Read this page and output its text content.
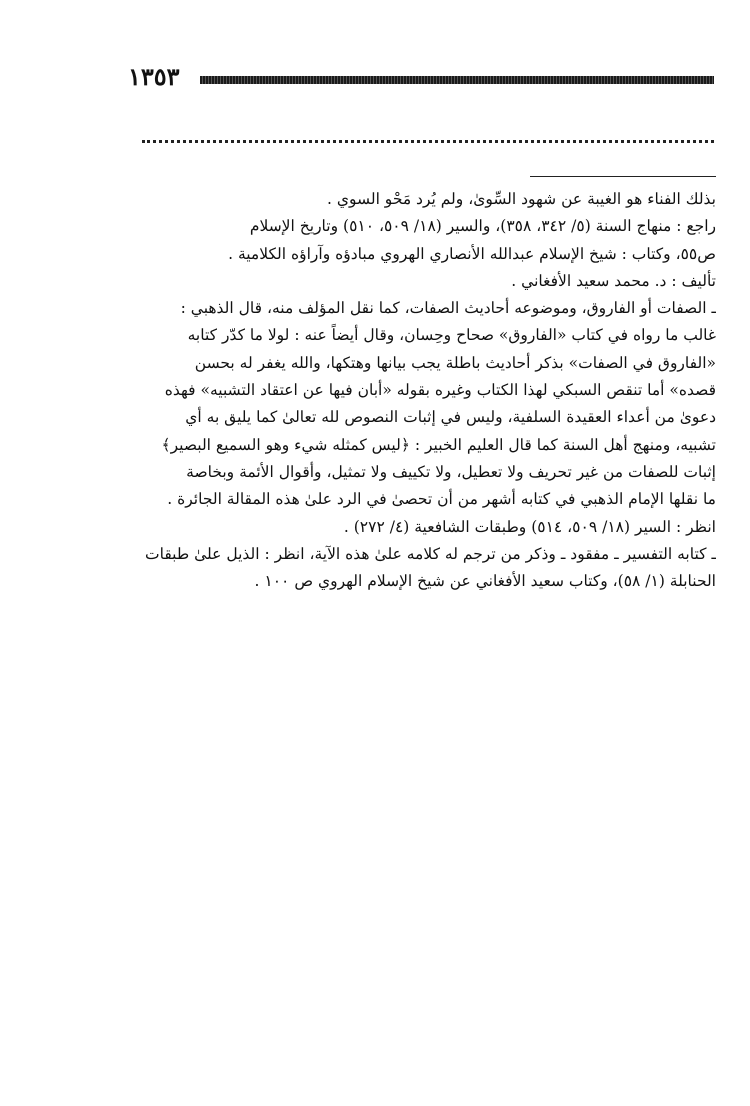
١٣٥٣
بذلك الفناء هو الغيبة عن شهود السِّوىٰ، ولم يُرد مَحْو السوي .
راجع : منهاج السنة (٥/ ٣٤٢، ٣٥٨)، والسير (١٨/ ٥٠٩، ٥١٠) وتاريخ الإسلام
ص٥٥، وكتاب : شيخ الإسلام عبدالله الأنصاري الهروي مبادؤه وآراؤه الكلامية .
تأليف : د. محمد سعيد الأفغاني .
ـ الصفات أو الفاروق، وموضوعه أحاديث الصفات، كما نقل المؤلف منه، قال الذهبي :
غالب ما رواه في كتاب «الفاروق» صحاح وحِسان، وقال أيضاً عنه : لولا ما كدّر كتابه
«الفاروق في الصفات» بذكر أحاديث باطلة يجب بيانها وهتكها، والله يغفر له بحسن
قصده» أما تنقص السبكي لهذا الكتاب وغيره بقوله «أبان فيها عن اعتقاد التشبيه» فهذه
دعوىٰ من أعداء العقيدة السلفية، وليس في إثبات النصوص لله تعالىٰ كما يليق به أي
تشبيه، ومنهج أهل السنة كما قال العليم الخبير : ﴿ليس كمثله شيء وهو السميع البصير﴾
إثبات للصفات من غير تحريف ولا تعطيل، ولا تكييف ولا تمثيل، وأقوال الأئمة وبخاصة
ما نقلها الإمام الذهبي في كتابه أشهر من أن تحصىٰ في الرد علىٰ هذه المقالة الجائرة .
انظر : السير (١٨/ ٥٠٩، ٥١٤) وطبقات الشافعية (٤/ ٢٧٢) .
ـ كتابه التفسير ـ مفقود ـ وذكر من ترجم له كلامه علىٰ هذه الآية، انظر : الذيل علىٰ طبقات
الحنابلة (١/ ٥٨)، وكتاب سعيد الأفغاني عن شيخ الإسلام الهروي ص ١٠٠ .
